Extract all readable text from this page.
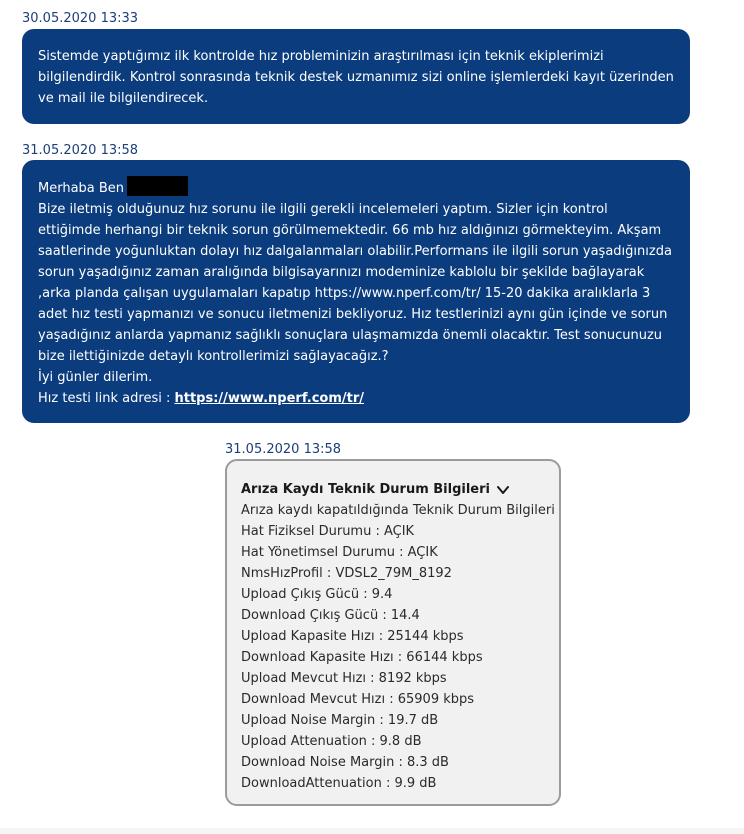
30.05.2020 13:33

Sistemde yaptığımız ilk kontrolde hız probleminizin araştırılması için teknik ekiplerimizi bilgilendirdik. Kontrol sonrasında teknik destek uzmanımız sizi online işlemlerdeki kayıt üzerinden ve mail ile bilgilendirecek.

31.05.2020 13:58

Merhaba Ben

Bize iletmiş olduğunuz hız sorunu ile ilgili gerekli incelemeleri yaptım. Sizler için kontrol ettiğimde herhangi bir teknik sorun görülmemektedir. 66 mb hız aldığınızı görmekteyim. Akşam saatlerinde yoğunluktan dolayı hız dalgalanmaları olabilir.Performans ile ilgili sorun yaşadığınızda sorun yaşadığınız zaman aralığında bilgisayarınızı modeminize kablolu bir şekilde bağlayarak ,arka planda çalışan uygulamaları kapatıp https://www.nperf.com/tr/ 15-20 dakika aralıklarla 3 adet hız testi yapmanızı ve sonucu iletmenizi bekliyoruz. Hız testlerinizi aynı gün içinde ve sorun yaşadığınız anlarda yapmanız sağlıklı sonuçlara ulaşmamızda önemli olacaktır. Test sonucunuzu bize ilettiğinizde detaylı kontrollerimizi sağlayacağız.?

İyi günler dilerim.

Hız testi link adresi : https://www.nperf.com/tr/

31.05.2020 13:58
Arıza Kaydı Teknik Durum Bilgileri
Arıza kaydı kapatıldığında Teknik Durum Bilgileri
Hat Fiziksel Durumu : AÇIK
Hat Yönetimsel Durumu : AÇIK
NmsHızProfil : VDSL2_79M_8192
Upload Çıkış Gücü : 9.4
Download Çıkış Gücü : 14.4
Upload Kapasite Hızı : 25144 kbps
Download Kapasite Hızı : 66144 kbps
Upload Mevcut Hızı : 8192 kbps
Download Mevcut Hızı : 65909 kbps
Upload Noise Margin : 19.7 dB
Upload Attenuation : 9.8 dB
Download Noise Margin : 8.3 dB
DownloadAttenuation : 9.9 dB
